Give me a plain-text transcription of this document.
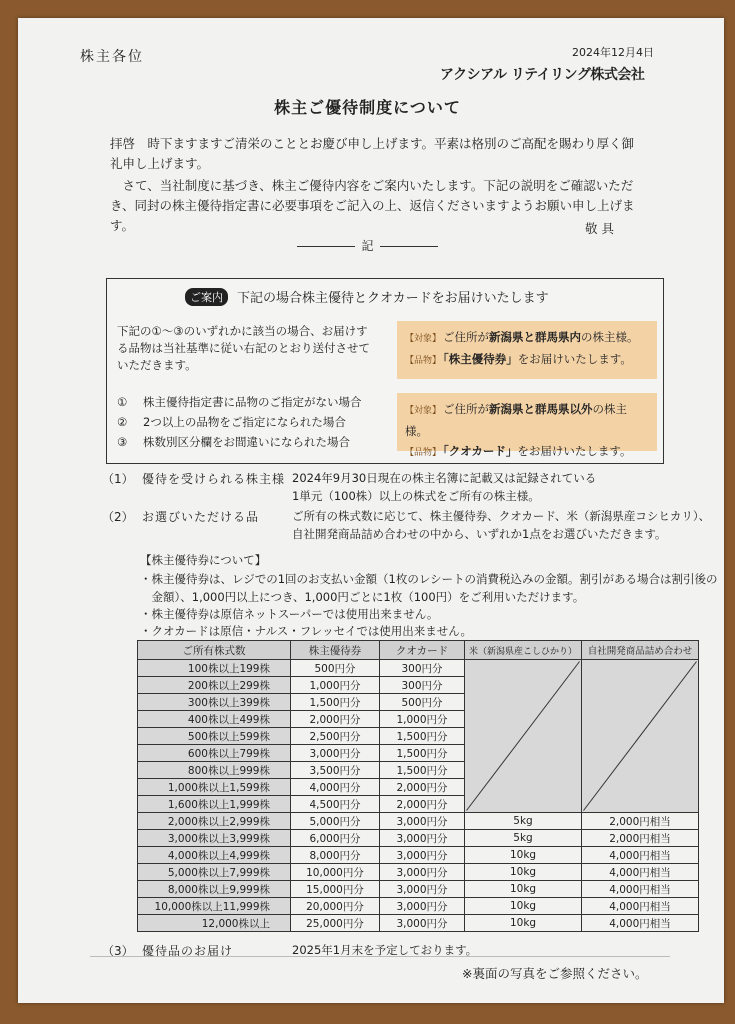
株主各位	2024年12月4日
アクシアル リテイリング株式会社
株主ご優待制度について
拝啓　時下ますますご清栄のこととお慶び申し上げます。平素は格別のご高配を賜わり厚く御礼申し上げます。
　さて、当社制度に基づき、株主ご優待内容をご案内いたします。下記の説明をご確認いただき、同封の株主優待指定書に必要事項をご記入の上、返信くださいますようお願い申し上げます。	敬具
記
ご案内	下記の場合株主優待とクオカードをお届けいたします
下記の①～③のいずれかに該当の場合、お届けする品物は当社基準に従い右記のとおり送付させていただきます。
① 株主優待指定書に品物のご指定がない場合
② 2つ以上の品物をご指定になられた場合
③ 株数別区分欄をお間違いになられた場合
【対象】 ご住所が新潟県と群馬県内の株主様。
【品物】 「株主優待券」をお届けいたします。
【対象】 ご住所が新潟県と群馬県以外の株主様。
【品物】 「クオカード」をお届けいたします。
（1） 優待を受けられる株主様 2024年9月30日現在の株主名簿に記載又は記録されている
1単元（100株）以上の株式をご所有の株主様。
（2） お選びいただける品	ご所有の株式数に応じて、株主優待券、クオカード、米（新潟県産コシヒカリ）、
自社開発商品詰め合わせの中から、いずれか1点をお選びいただきます。
【株主優待券について】
・株主優待券は、レジでの1回のお支払い金額（1枚のレシートの消費税込みの金額。割引がある場合は割引後の
　金額）、1,000円以上につき、1,000円ごとに1枚（100円）をご利用いただけます。
・株主優待券は原信ネットスーパーでは使用出来ません。
・クオカードは原信・ナルス・フレッセイでは使用出来ません。
ご所有株式数	株主優待券	クオカード	米（新潟県産こしひかり）	自社開発商品詰め合わせ
100株以上199株	500円分	300円分		
200株以上299株	1,000円分	300円分		
300株以上399株	1,500円分	500円分		
400株以上499株	2,000円分	1,000円分		
500株以上599株	2,500円分	1,500円分		
600株以上799株	3,000円分	1,500円分		
800株以上999株	3,500円分	1,500円分		
1,000株以上1,599株	4,000円分	2,000円分		
1,600株以上1,999株	4,500円分	2,000円分		
2,000株以上2,999株	5,000円分	3,000円分	5kg	2,000円相当
3,000株以上3,999株	6,000円分	3,000円分	5kg	2,000円相当
4,000株以上4,999株	8,000円分	3,000円分	10kg	4,000円相当
5,000株以上7,999株	10,000円分	3,000円分	10kg	4,000円相当
8,000株以上9,999株	15,000円分	3,000円分	10kg	4,000円相当
10,000株以上11,999株	20,000円分	3,000円分	10kg	4,000円相当
12,000株以上	25,000円分	3,000円分	10kg	4,000円相当
（3） 優待品のお届け	2025年1月末を予定しております。
※裏面の写真をご参照ください。
